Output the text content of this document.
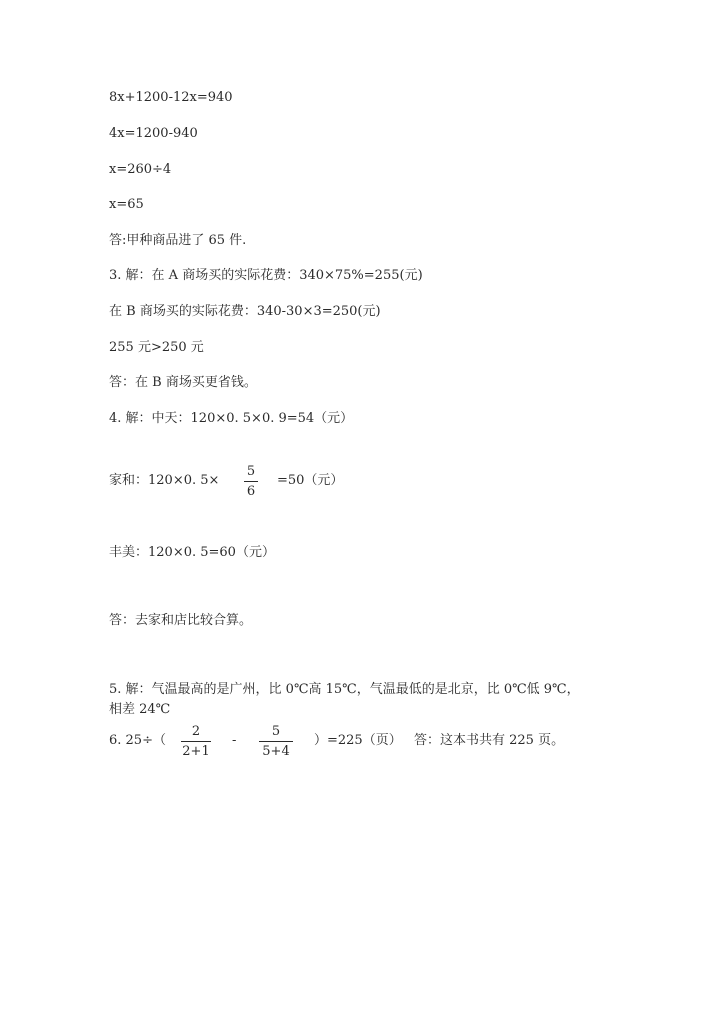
8x+1200-12x=940
4x=1200-940
x=260÷4
x=65
答:甲种商品进了 65 件.
3. 解：在 A 商场买的实际花费：340×75%=255(元)
在 B 商场买的实际花费：340-30×3=250(元)
255 元>250 元
答：在 B 商场买更省钱。
4. 解：中天：120×0. 5×0. 9=54（元）
家和：120×0. 5×
5
6
=50（元）
丰美：120×0. 5=60（元）
答：去家和店比较合算。
5. 解：气温最高的是广州，比 0℃高 15℃，气温最低的是北京，比 0℃低 9℃，
相差 24℃
6. 25÷（
2
2+1
-
5
5+4
）=225（页） 答：这本书共有 225 页。
